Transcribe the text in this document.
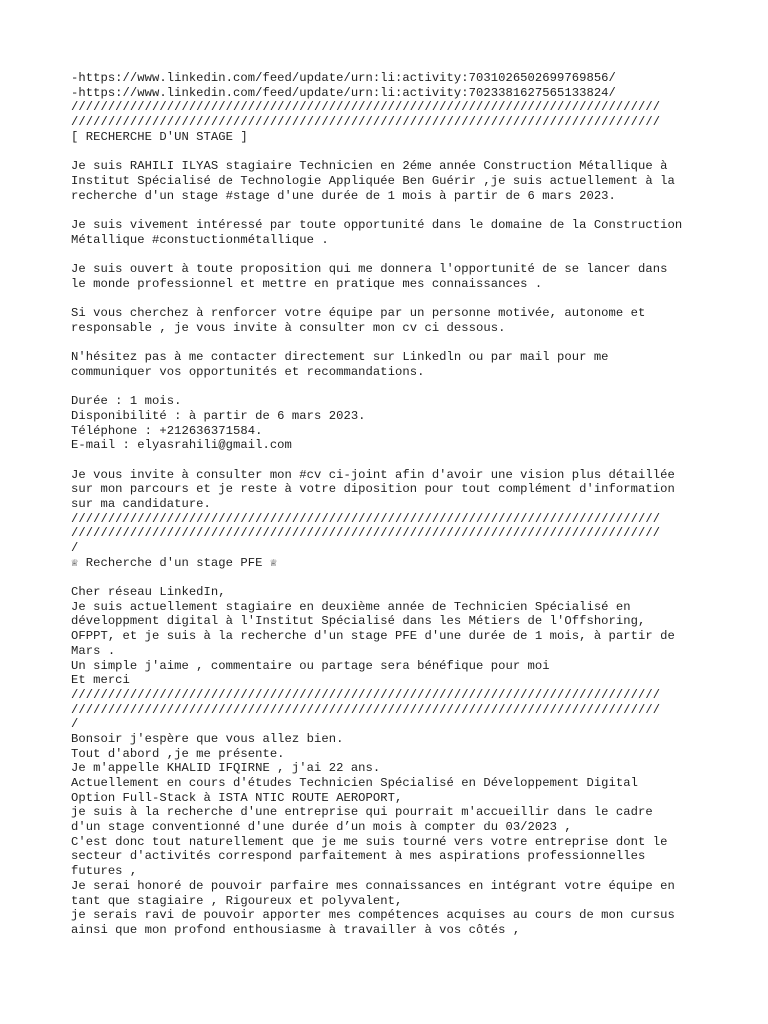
-https://www.linkedin.com/feed/update/urn:li:activity:7031026502699769856/
-https://www.linkedin.com/feed/update/urn:li:activity:7023381627565133824/
////////////////////////////////////////////////////////////////////////////////
////////////////////////////////////////////////////////////////////////////////
[ RECHERCHE D'UN STAGE ]
Je suis RAHILI ILYAS stagiaire Technicien en 2éme année Construction Métallique à
Institut Spécialisé de Technologie Appliquée Ben Guérir ,je suis actuellement à la
recherche d'un stage #stage d'une durée de 1 mois à partir de 6 mars 2023.
Je suis vivement intéressé par toute opportunité dans le domaine de la Construction
Métallique #constuctionmétallique .
Je suis ouvert à toute proposition qui me donnera l'opportunité de se lancer dans
le monde professionnel et mettre en pratique mes connaissances .
Si vous cherchez à renforcer votre équipe par un personne motivée, autonome et
responsable , je vous invite à consulter mon cv ci dessous.
N'hésitez pas à me contacter directement sur Linkedln ou par mail pour me
communiquer vos opportunités et recommandations.
Durée : 1 mois.
Disponibilité : à partir de 6 mars 2023.
Téléphone : +212636371584.
E-mail : elyasrahili@gmail.com
Je vous invite à consulter mon #cv ci-joint afin d'avoir une vision plus détaillée
sur mon parcours et je reste à votre diposition pour tout complément d'information
sur ma candidature.
////////////////////////////////////////////////////////////////////////////////
////////////////////////////////////////////////////////////////////////////////
/
♕ Recherche d'un stage PFE ♕
Cher réseau LinkedIn,
Je suis actuellement stagiaire en deuxième année de Technicien Spécialisé en
développment digital à l'Institut Spécialisé dans les Métiers de l'Offshoring,
OFPPT, et je suis à la recherche d'un stage PFE d'une durée de 1 mois, à partir de
Mars .
Un simple j'aime , commentaire ou partage sera bénéfique pour moi
Et merci
////////////////////////////////////////////////////////////////////////////////
////////////////////////////////////////////////////////////////////////////////
/
Bonsoir j'espère que vous allez bien.
Tout d'abord ,je me présente.
Je m'appelle KHALID IFQIRNE , j'ai 22 ans.
Actuellement en cours d'études Technicien Spécialisé en Développement Digital
Option Full-Stack à ISTA NTIC ROUTE AEROPORT,
je suis à la recherche d'une entreprise qui pourrait m'accueillir dans le cadre
d'un stage conventionné d'une durée d’un mois à compter du 03/2023 ,
C'est donc tout naturellement que je me suis tourné vers votre entreprise dont le
secteur d'activités correspond parfaitement à mes aspirations professionnelles
futures ,
Je serai honoré de pouvoir parfaire mes connaissances en intégrant votre équipe en
tant que stagiaire , Rigoureux et polyvalent,
je serais ravi de pouvoir apporter mes compétences acquises au cours de mon cursus
ainsi que mon profond enthousiasme à travailler à vos côtés ,
